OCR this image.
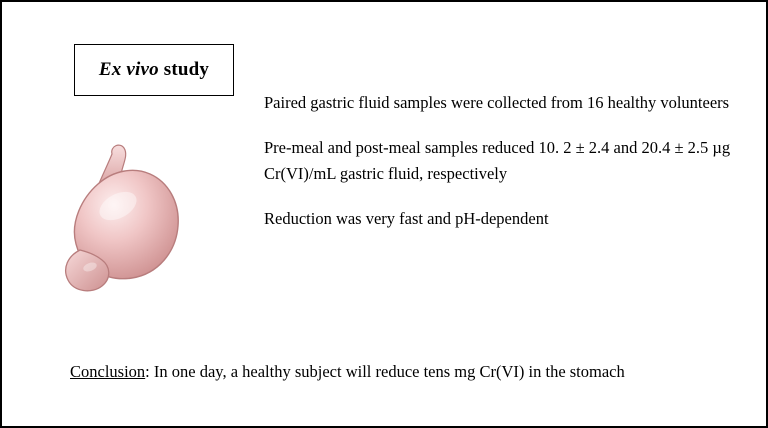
Ex vivo study

Paired gastric fluid samples were collected from 16 healthy volunteers

Pre-meal and post-meal samples reduced 10. 2 ± 2.4 and 20.4 ± 2.5 µg Cr(VI)/mL gastric fluid, respectively

Reduction was very fast and pH-dependent

Conclusion: In one day, a healthy subject will reduce tens mg Cr(VI) in the stomach
